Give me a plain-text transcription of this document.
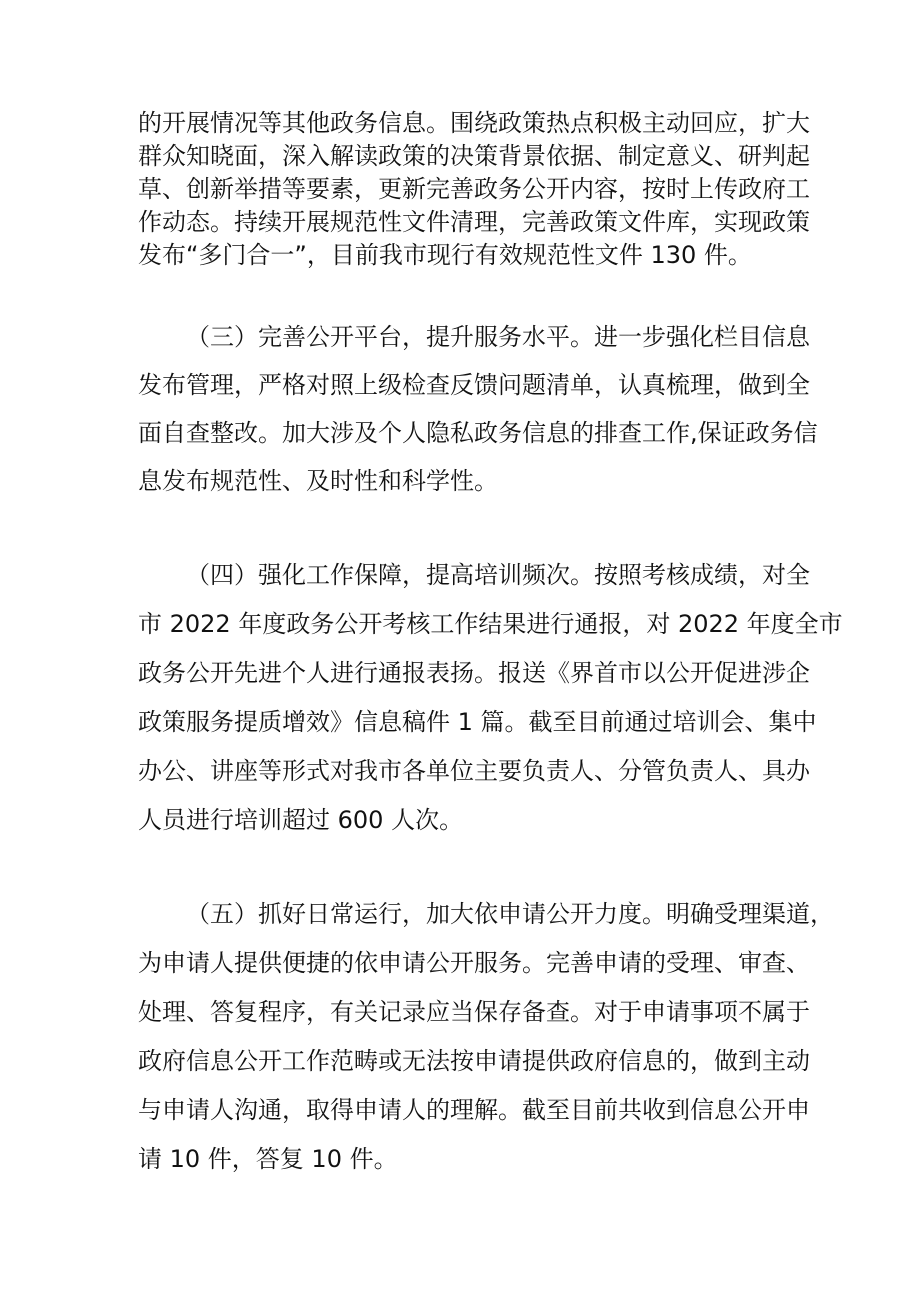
的开展情况等其他政务信息。围绕政策热点积极主动回应，扩大
群众知晓面，深入解读政策的决策背景依据、制定意义、研判起
草、创新举措等要素，更新完善政务公开内容，按时上传政府工
作动态。持续开展规范性文件清理，完善政策文件库，实现政策
发布“多门合一”，目前我市现行有效规范性文件 130 件。
（三）完善公开平台，提升服务水平。进一步强化栏目信息
发布管理，严格对照上级检查反馈问题清单，认真梳理，做到全
面自查整改。加大涉及个人隐私政务信息的排查工作,保证政务信
息发布规范性、及时性和科学性。
（四）强化工作保障，提高培训频次。按照考核成绩，对全
市 2022 年度政务公开考核工作结果进行通报，对 2022 年度全市
政务公开先进个人进行通报表扬。报送《界首市以公开促进涉企
政策服务提质增效》信息稿件 1 篇。截至目前通过培训会、集中
办公、讲座等形式对我市各单位主要负责人、分管负责人、具办
人员进行培训超过 600 人次。
（五）抓好日常运行，加大依申请公开力度。明确受理渠道，
为申请人提供便捷的依申请公开服务。完善申请的受理、审查、
处理、答复程序，有关记录应当保存备查。对于申请事项不属于
政府信息公开工作范畴或无法按申请提供政府信息的，做到主动
与申请人沟通，取得申请人的理解。截至目前共收到信息公开申
请 10 件，答复 10 件。
